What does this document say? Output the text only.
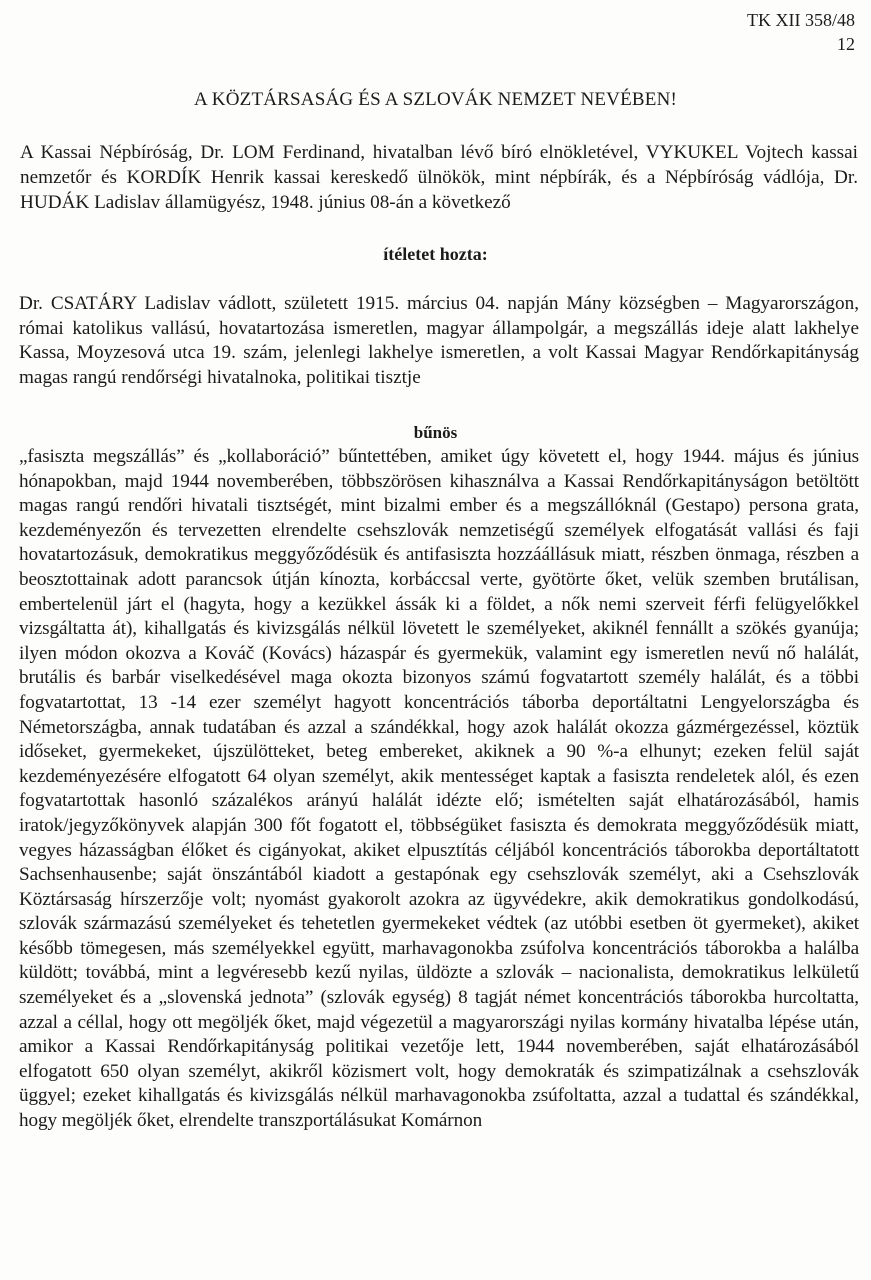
TK XII 358/48
12
A KÖZTÁRSASÁG ÉS A SZLOVÁK NEMZET NEVÉBEN!
A Kassai Népbíróság, Dr. LOM Ferdinand, hivatalban lévő bíró elnökletével, VYKUKEL Vojtech kassai nemzetőr és KORDÍK Henrik kassai kereskedő ülnökök, mint népbírák, és a Népbíróság vádlója, Dr. HUDÁK Ladislav államügyész, 1948. június 08-án a következő
ítéletet hozta:
Dr. CSATÁRY Ladislav vádlott, született 1915. március 04. napján Mány községben – Magyarországon, római katolikus vallású, hovatartozása ismeretlen, magyar állampolgár, a megszállás ideje alatt lakhelye Kassa, Moyzesová utca 19. szám, jelenlegi lakhelye ismeretlen, a volt Kassai Magyar Rendőrkapitányság magas rangú rendőrségi hivatalnoka, politikai tisztje
bűnös
„fasiszta megszállás” és „kollaboráció” bűntettében, amiket úgy követett el, hogy 1944. május és június hónapokban, majd 1944 novemberében, többszörösen kihasználva a Kassai Rendőrkapitányságon betöltött magas rangú rendőri hivatali tisztségét, mint bizalmi ember és a megszállóknál (Gestapo) persona grata, kezdeményezőn és tervezetten elrendelte csehszlovák nemzetiségű személyek elfogatását vallási és faji hovatartozásuk, demokratikus meggyőződésük és antifasiszta hozzáállásuk miatt, részben önmaga, részben a beosztottainak adott parancsok útján kínozta, korbáccsal verte, gyötörte őket, velük szemben brutálisan, embertelenül járt el (hagyta, hogy a kezükkel ássák ki a földet, a nők nemi szerveit férfi felügyelőkkel vizsgáltatta át), kihallgatás és kivizsgálás nélkül lövetett le személyeket, akiknél fennállt a szökés gyanúja; ilyen módon okozva a Kováč (Kovács) házaspár és gyermekük, valamint egy ismeretlen nevű nő halálát, brutális és barbár viselkedésével maga okozta bizonyos számú fogvatartott személy halálát, és a többi fogvatartottat, 13 -14 ezer személyt hagyott koncentrációs táborba deportáltatni Lengyelországba és Németországba, annak tudatában és azzal a szándékkal, hogy azok halálát okozza gázmérgezéssel, köztük időseket, gyermekeket, újszülötteket, beteg embereket, akiknek a 90 %-a elhunyt; ezeken felül saját kezdeményezésére elfogatott 64 olyan személyt, akik mentességet kaptak a fasiszta rendeletek alól, és ezen fogvatartottak hasonló százalékos arányú halálát idézte elő; ismételten saját elhatározásából, hamis iratok/jegyzőkönyvek alapján 300 főt fogatott el, többségüket fasiszta és demokrata meggyőződésük miatt, vegyes házasságban élőket és cigányokat, akiket elpusztítás céljából koncentrációs táborokba deportáltatott Sachsenhausenbe; saját önszántából kiadott a gestapónak egy csehszlovák személyt, aki a Csehszlovák Köztársaság hírszerzője volt; nyomást gyakorolt azokra az ügyvédekre, akik demokratikus gondolkodású, szlovák származású személyeket és tehetetlen gyermekeket védtek (az utóbbi esetben öt gyermeket), akiket később tömegesen, más személyekkel együtt, marhavagonokba zsúfolva koncentrációs táborokba a halálba küldött; továbbá, mint a legvéresebb kezű nyilas, üldözte a szlovák – nacionalista, demokratikus lelkületű személyeket és a „slovenská jednota” (szlovák egység) 8 tagját német koncentrációs táborokba hurcoltatta, azzal a céllal, hogy ott megöljék őket, majd végezetül a magyarországi nyilas kormány hivatalba lépése után, amikor a Kassai Rendőrkapitányság politikai vezetője lett, 1944 novemberében, saját elhatározásából elfogatott 650 olyan személyt, akikről közismert volt, hogy demokraták és szimpatizálnak a csehszlovák üggyel; ezeket kihallgatás és kivizsgálás nélkül marhavagonokba zsúfoltatta, azzal a tudattal és szándékkal, hogy megöljék őket, elrendelte transzportálásukat Komárnon
